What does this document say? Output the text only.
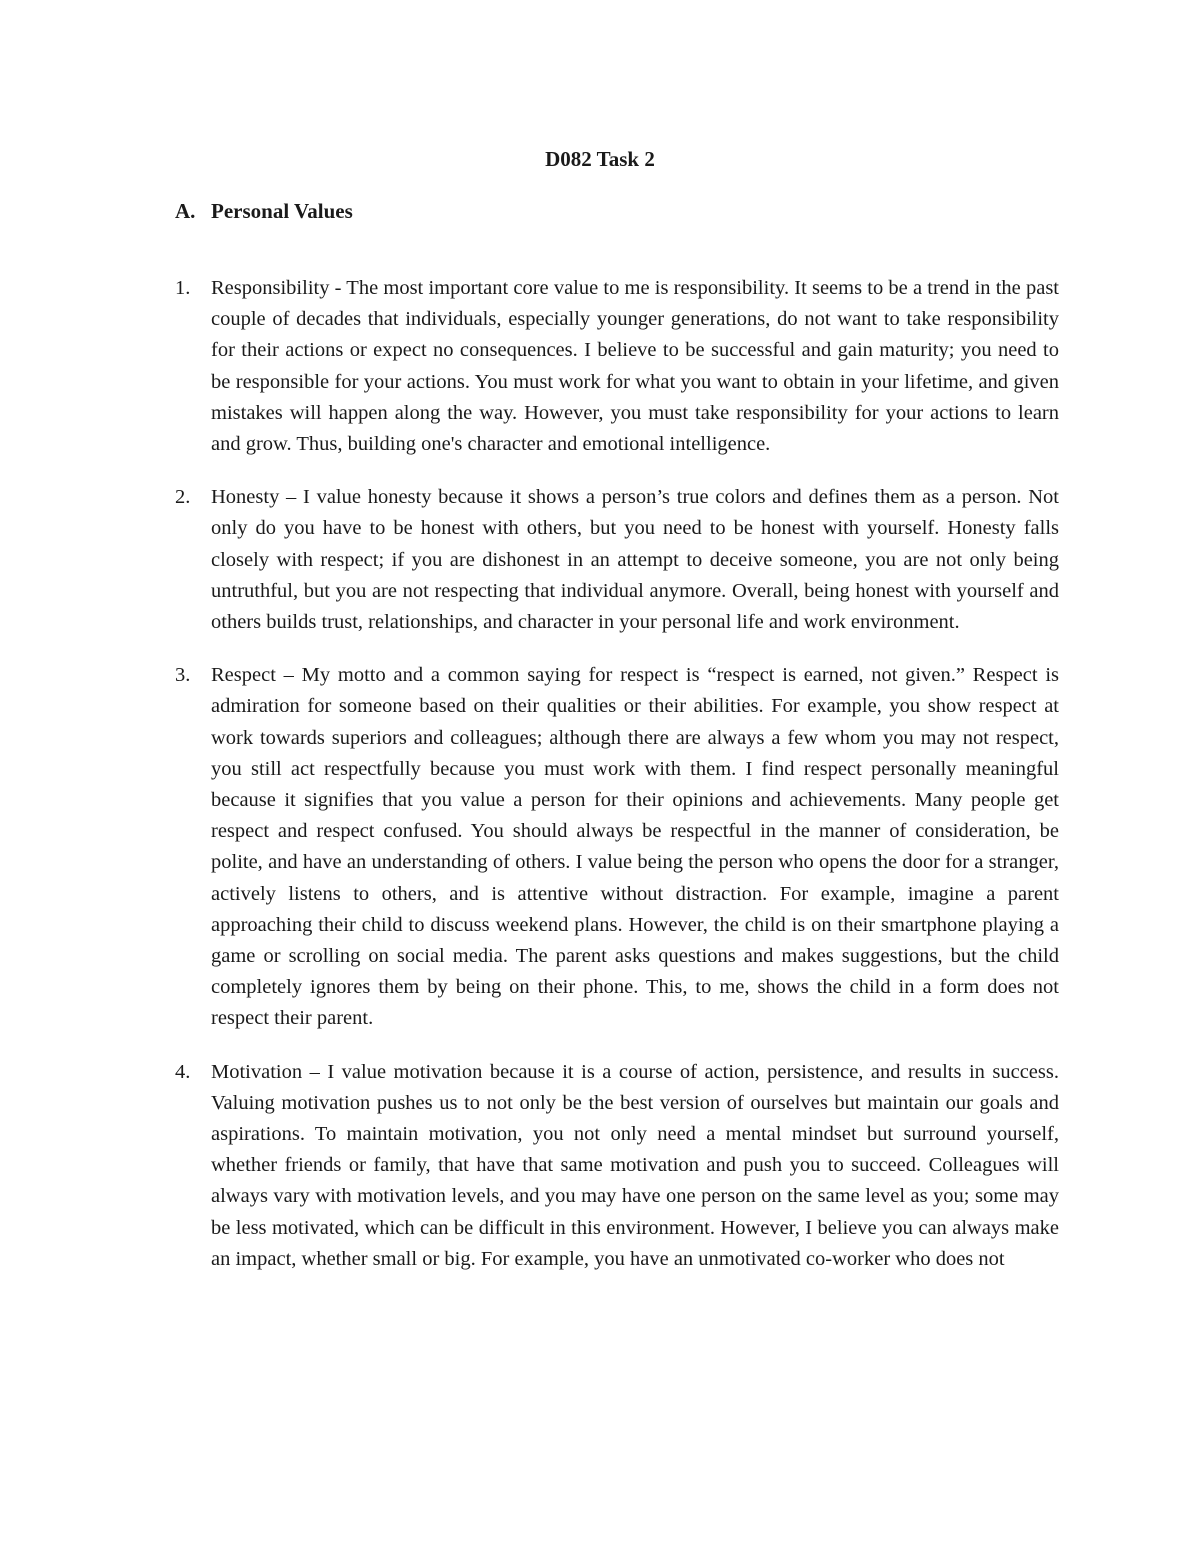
D082 Task 2
A. Personal Values
1.	Responsibility - The most important core value to me is responsibility. It seems to be a trend in the past couple of decades that individuals, especially younger generations, do not want to take responsibility for their actions or expect no consequences. I believe to be successful and gain maturity; you need to be responsible for your actions. You must work for what you want to obtain in your lifetime, and given mistakes will happen along the way. However, you must take responsibility for your actions to learn and grow. Thus, building one's character and emotional intelligence.
2.	Honesty – I value honesty because it shows a person’s true colors and defines them as a person. Not only do you have to be honest with others, but you need to be honest with yourself. Honesty falls closely with respect; if you are dishonest in an attempt to deceive someone, you are not only being untruthful, but you are not respecting that individual anymore. Overall, being honest with yourself and others builds trust, relationships, and character in your personal life and work environment.
3.	Respect – My motto and a common saying for respect is “respect is earned, not given.” Respect is admiration for someone based on their qualities or their abilities. For example, you show respect at work towards superiors and colleagues; although there are always a few whom you may not respect, you still act respectfully because you must work with them. I find respect personally meaningful because it signifies that you value a person for their opinions and achievements. Many people get respect and respect confused. You should always be respectful in the manner of consideration, be polite, and have an understanding of others. I value being the person who opens the door for a stranger, actively listens to others, and is attentive without distraction. For example, imagine a parent approaching their child to discuss weekend plans. However, the child is on their smartphone playing a game or scrolling on social media. The parent asks questions and makes suggestions, but the child completely ignores them by being on their phone. This, to me, shows the child in a form does not respect their parent.
4.	Motivation – I value motivation because it is a course of action, persistence, and results in success. Valuing motivation pushes us to not only be the best version of ourselves but maintain our goals and aspirations. To maintain motivation, you not only need a mental mindset but surround yourself, whether friends or family, that have that same motivation and push you to succeed. Colleagues will always vary with motivation levels, and you may have one person on the same level as you; some may be less motivated, which can be difficult in this environment. However, I believe you can always make an impact, whether small or big. For example, you have an unmotivated co-worker who does not
